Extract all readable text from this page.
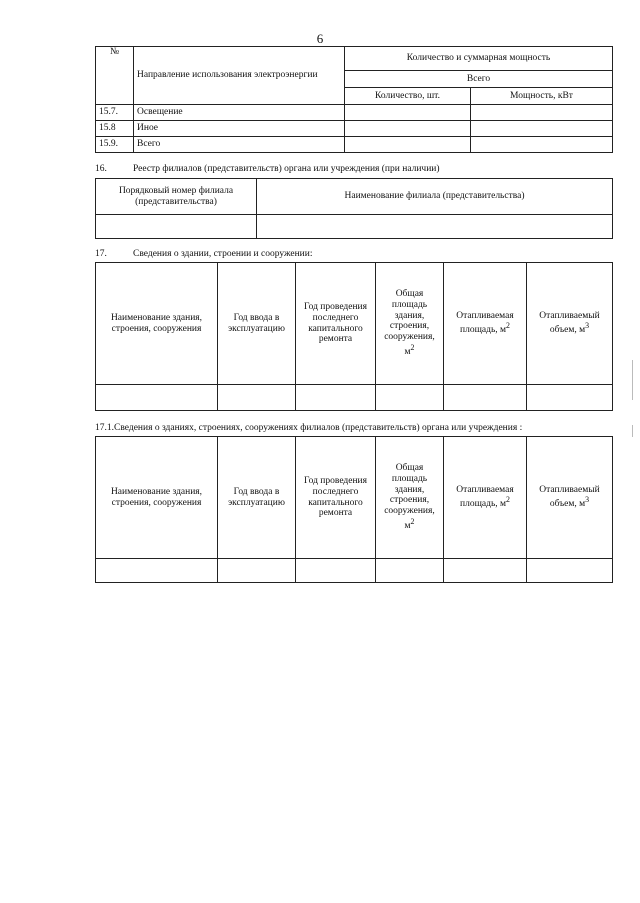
6
№	Направление использования электроэнергии	Количество и суммарная мощность	
		Всего	
		Количество, шт.	Мощность, кВт
15.7.	Освещение		
15.8	Иное		
15.9.	Всего		
16.	Реестр филиалов (представительств) органа или учреждения (при наличии)
Порядковый номер филиала (представительства)	Наименование филиала (представительства)

17.	Сведения о здании, строении и сооружении:
Наименование здания, строения, сооружения	Год ввода в эксплуатацию	Год проведения последнего капитального ремонта	Общая площадь здания, строения, сооружения, $м^2$	Отапливаемая площадь, $м^2$	Отапливаемый объем, $м^3$

17.1.Сведения о зданиях, строениях, сооружениях филиалов (представительств) органа или учреждения :
Наименование здания, строения, сооружения	Год ввода в эксплуатацию	Год проведения последнего капитального ремонта	Общая площадь здания, строения, сооружения, $м^2$	Отапливаемая площадь, $м^2$	Отапливаемый объем, $м^3$
